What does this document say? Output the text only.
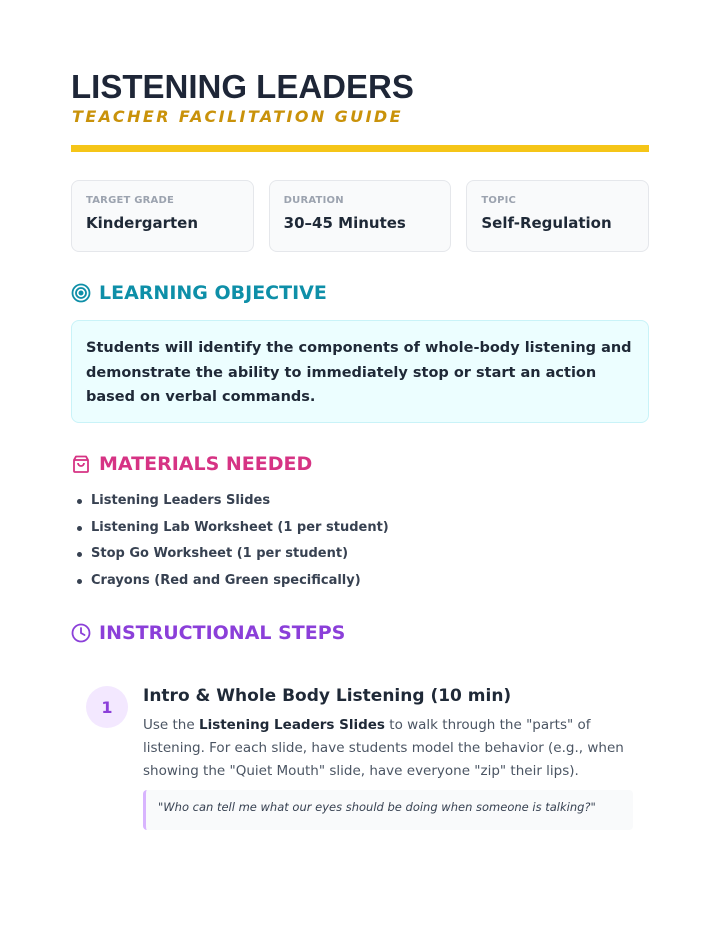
LISTENING LEADERS
TEACHER FACILITATION GUIDE
TARGET GRADE
Kindergarten
DURATION
30–45 Minutes
TOPIC
Self-Regulation
LEARNING OBJECTIVE
Students will identify the components of whole-body listening and demonstrate the ability to immediately stop or start an action based on verbal commands.
MATERIALS NEEDED
Listening Leaders Slides
Listening Lab Worksheet (1 per student)
Stop Go Worksheet (1 per student)
Crayons (Red and Green specifically)
INSTRUCTIONAL STEPS
1
Intro & Whole Body Listening (10 min)
Use the Listening Leaders Slides to walk through the "parts" of listening. For each slide, have students model the behavior (e.g., when showing the "Quiet Mouth" slide, have everyone "zip" their lips).
"Who can tell me what our eyes should be doing when someone is talking?"
